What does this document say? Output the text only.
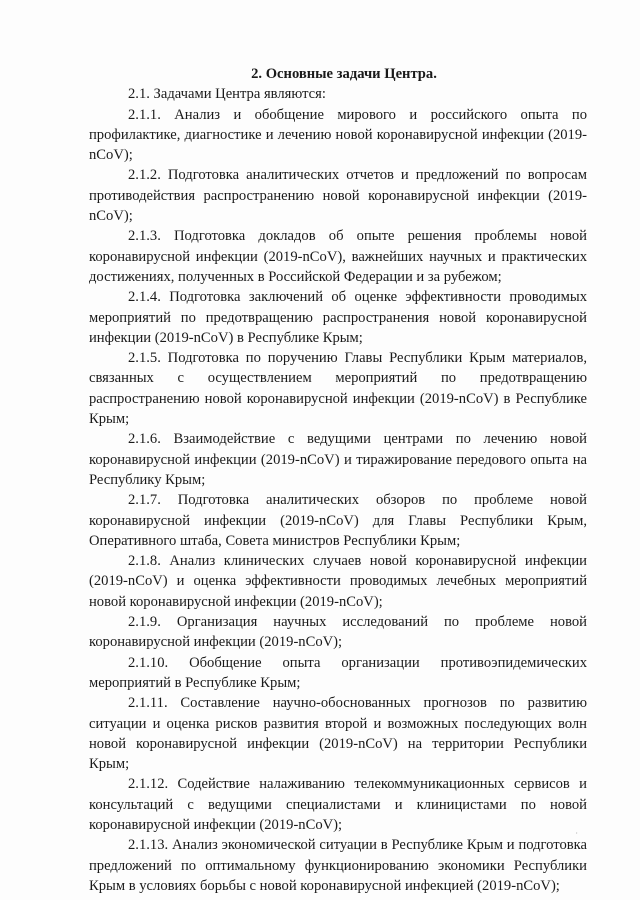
2. Основные задачи Центра.

2.1. Задачами Центра являются:

2.1.1. Анализ и обобщение мирового и российского опыта по профилактике, диагностике и лечению новой коронавирусной инфекции (2019-nCoV);

2.1.2. Подготовка аналитических отчетов и предложений по вопросам противодействия распространению новой коронавирусной инфекции (2019-nCoV);

2.1.3. Подготовка докладов об опыте решения проблемы новой коронавирусной инфекции (2019-nCoV), важнейших научных и практических достижениях, полученных в Российской Федерации и за рубежом;

2.1.4. Подготовка заключений об оценке эффективности проводимых мероприятий по предотвращению распространения новой коронавирусной инфекции (2019-nCoV) в Республике Крым;

2.1.5. Подготовка по поручению Главы Республики Крым материалов, связанных с осуществлением мероприятий по предотвращению распространению новой коронавирусной инфекции (2019-nCoV) в Республике Крым;

2.1.6. Взаимодействие с ведущими центрами по лечению новой коронавирусной инфекции (2019-nCoV) и тиражирование передового опыта на Республику Крым;

2.1.7. Подготовка аналитических обзоров по проблеме новой коронавирусной инфекции (2019-nCoV) для Главы Республики Крым, Оперативного штаба, Совета министров Республики Крым;

2.1.8. Анализ клинических случаев новой коронавирусной инфекции (2019-nCoV) и оценка эффективности проводимых лечебных мероприятий новой коронавирусной инфекции (2019-nCoV);

2.1.9. Организация научных исследований по проблеме новой коронавирусной инфекции (2019-nCoV);

2.1.10. Обобщение опыта организации противоэпидемических мероприятий в Республике Крым;

2.1.11. Составление научно-обоснованных прогнозов по развитию ситуации и оценка рисков развития второй и возможных последующих волн новой коронавирусной инфекции (2019-nCoV) на территории Республики Крым;

2.1.12. Содействие налаживанию телекоммуникационных сервисов и консультаций с ведущими специалистами и клиницистами по новой коронавирусной инфекции (2019-nCoV);

2.1.13. Анализ экономической ситуации в Республике Крым и подготовка предложений по оптимальному функционированию экономики Республики Крым в условиях борьбы с новой коронавирусной инфекцией (2019-nCoV);

·
